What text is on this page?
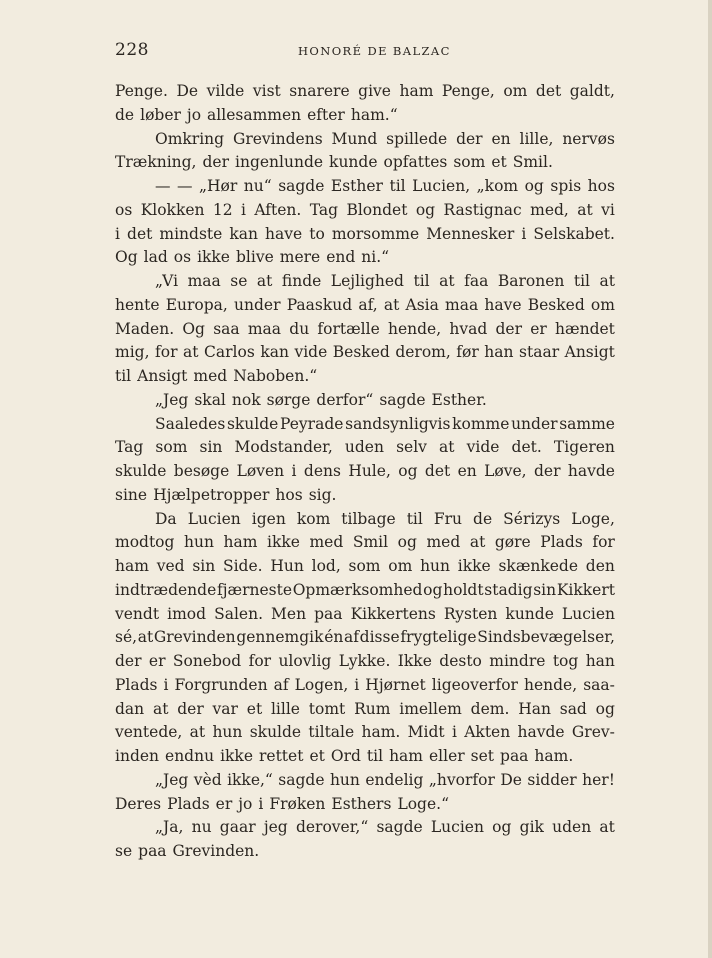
228	HONORÉ DE BALZAC
Penge. De vilde vist snarere give ham Penge, om det galdt,
de løber jo allesammen efter ham.“
Omkring Grevindens Mund spillede der en lille, nervøs
Trækning, der ingenlunde kunde opfattes som et Smil.
— — „Hør nu“ sagde Esther til Lucien, „kom og spis hos
os Klokken 12 i Aften. Tag Blondet og Rastignac med, at vi
i det mindste kan have to morsomme Mennesker i Selskabet.
Og lad os ikke blive mere end ni.“
„Vi maa se at finde Lejlighed til at faa Baronen til at
hente Europa, under Paaskud af, at Asia maa have Besked om
Maden. Og saa maa du fortælle hende, hvad der er hændet
mig, for at Carlos kan vide Besked derom, før han staar Ansigt
til Ansigt med Naboben.“
„Jeg skal nok sørge derfor“ sagde Esther.
Saaledes skulde Peyrade sandsynligvis komme under samme
Tag som sin Modstander, uden selv at vide det. Tigeren
skulde besøge Løven i dens Hule, og det en Løve, der havde
sine Hjælpetropper hos sig.
Da Lucien igen kom tilbage til Fru de Sérizys Loge,
modtog hun ham ikke med Smil og med at gøre Plads for
ham ved sin Side. Hun lod, som om hun ikke skænkede den
indtrædende fjærneste Opmærksomhed og holdt stadig sin Kikkert
vendt imod Salen. Men paa Kikkertens Rysten kunde Lucien
sé, at Grevinden gennemgik én af disse frygtelige Sindsbevægelser,
der er Sonebod for ulovlig Lykke. Ikke desto mindre tog han
Plads i Forgrunden af Logen, i Hjørnet ligeoverfor hende, saa-
dan at der var et lille tomt Rum imellem dem. Han sad og
ventede, at hun skulde tiltale ham. Midt i Akten havde Grev-
inden endnu ikke rettet et Ord til ham eller set paa ham.
„Jeg vèd ikke,“ sagde hun endelig „hvorfor De sidder her!
Deres Plads er jo i Frøken Esthers Loge.“
„Ja, nu gaar jeg derover,“ sagde Lucien og gik uden at
se paa Grevinden.
